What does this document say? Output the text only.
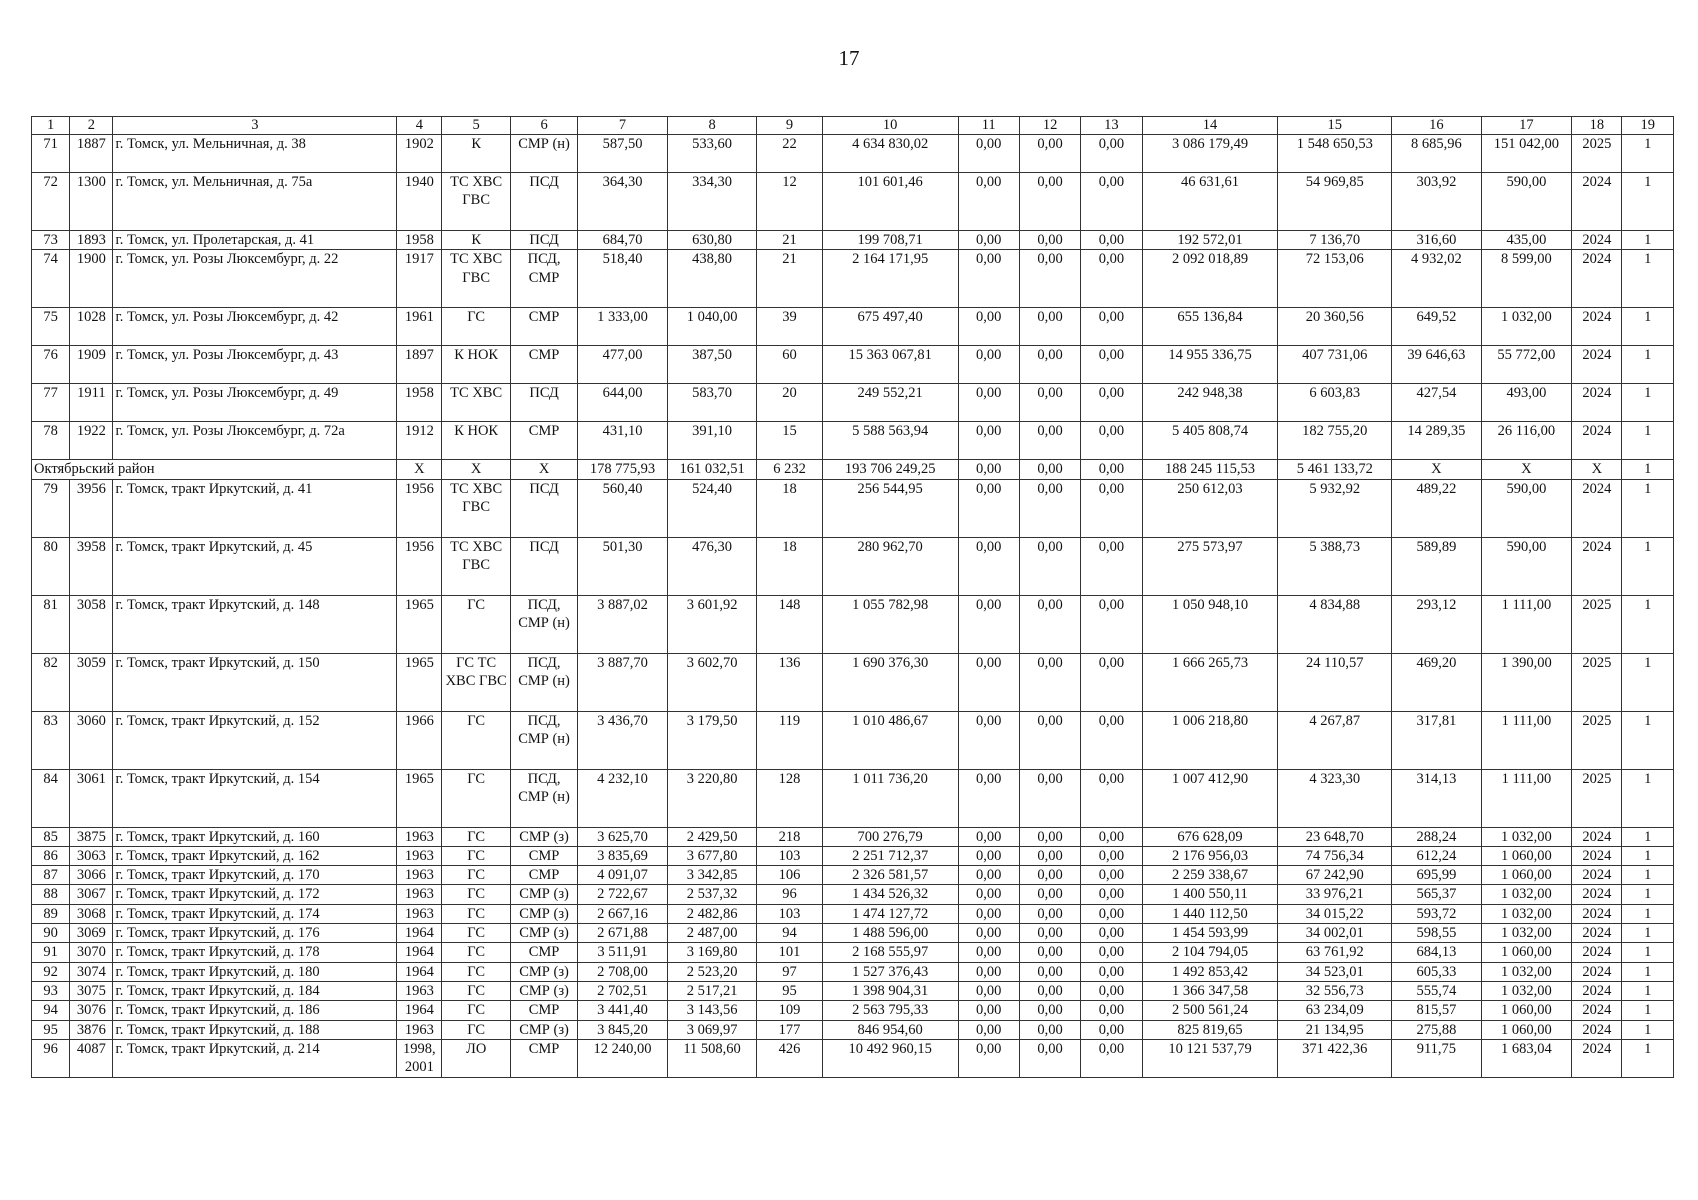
17
1	2	3	4	5	6	7	8	9	10	11	12	13	14	15	16	17	18	19
71	1887	г. Томск, ул. Мельничная, д. 38	1902	К	СМР (н)	587,50	533,60	22	4 634 830,02	0,00	0,00	0,00	3 086 179,49	1 548 650,53	8 685,96	151 042,00	2025	1
72	1300	г. Томск, ул. Мельничная, д. 75а	1940	ТС ХВС ГВС	ПСД	364,30	334,30	12	101 601,46	0,00	0,00	0,00	46 631,61	54 969,85	303,92	590,00	2024	1
73	1893	г. Томск, ул. Пролетарская, д. 41	1958	К	ПСД	684,70	630,80	21	199 708,71	0,00	0,00	0,00	192 572,01	7 136,70	316,60	435,00	2024	1
74	1900	г. Томск, ул. Розы Люксембург, д. 22	1917	ТС ХВС ГВС	ПСД, СМР	518,40	438,80	21	2 164 171,95	0,00	0,00	0,00	2 092 018,89	72 153,06	4 932,02	8 599,00	2024	1
75	1028	г. Томск, ул. Розы Люксембург, д. 42	1961	ГС	СМР	1 333,00	1 040,00	39	675 497,40	0,00	0,00	0,00	655 136,84	20 360,56	649,52	1 032,00	2024	1
76	1909	г. Томск, ул. Розы Люксембург, д. 43	1897	К НОК	СМР	477,00	387,50	60	15 363 067,81	0,00	0,00	0,00	14 955 336,75	407 731,06	39 646,63	55 772,00	2024	1
77	1911	г. Томск, ул. Розы Люксембург, д. 49	1958	ТС ХВС	ПСД	644,00	583,70	20	249 552,21	0,00	0,00	0,00	242 948,38	6 603,83	427,54	493,00	2024	1
78	1922	г. Томск, ул. Розы Люксембург, д. 72а	1912	К НОК	СМР	431,10	391,10	15	5 588 563,94	0,00	0,00	0,00	5 405 808,74	182 755,20	14 289,35	26 116,00	2024	1
Октябрьский район			X	X	X	178 775,93	161 032,51	6 232	193 706 249,25	0,00	0,00	0,00	188 245 115,53	5 461 133,72	X	X	X	1
79	3956	г. Томск, тракт Иркутский, д. 41	1956	ТС ХВС ГВС	ПСД	560,40	524,40	18	256 544,95	0,00	0,00	0,00	250 612,03	5 932,92	489,22	590,00	2024	1
80	3958	г. Томск, тракт Иркутский, д. 45	1956	ТС ХВС ГВС	ПСД	501,30	476,30	18	280 962,70	0,00	0,00	0,00	275 573,97	5 388,73	589,89	590,00	2024	1
81	3058	г. Томск, тракт Иркутский, д. 148	1965	ГС	ПСД, СМР (н)	3 887,02	3 601,92	148	1 055 782,98	0,00	0,00	0,00	1 050 948,10	4 834,88	293,12	1 111,00	2025	1
82	3059	г. Томск, тракт Иркутский, д. 150	1965	ГС ТС ХВС ГВС	ПСД, СМР (н)	3 887,70	3 602,70	136	1 690 376,30	0,00	0,00	0,00	1 666 265,73	24 110,57	469,20	1 390,00	2025	1
83	3060	г. Томск, тракт Иркутский, д. 152	1966	ГС	ПСД, СМР (н)	3 436,70	3 179,50	119	1 010 486,67	0,00	0,00	0,00	1 006 218,80	4 267,87	317,81	1 111,00	2025	1
84	3061	г. Томск, тракт Иркутский, д. 154	1965	ГС	ПСД, СМР (н)	4 232,10	3 220,80	128	1 011 736,20	0,00	0,00	0,00	1 007 412,90	4 323,30	314,13	1 111,00	2025	1
85	3875	г. Томск, тракт Иркутский, д. 160	1963	ГС	СМР (з)	3 625,70	2 429,50	218	700 276,79	0,00	0,00	0,00	676 628,09	23 648,70	288,24	1 032,00	2024	1
86	3063	г. Томск, тракт Иркутский, д. 162	1963	ГС	СМР	3 835,69	3 677,80	103	2 251 712,37	0,00	0,00	0,00	2 176 956,03	74 756,34	612,24	1 060,00	2024	1
87	3066	г. Томск, тракт Иркутский, д. 170	1963	ГС	СМР	4 091,07	3 342,85	106	2 326 581,57	0,00	0,00	0,00	2 259 338,67	67 242,90	695,99	1 060,00	2024	1
88	3067	г. Томск, тракт Иркутский, д. 172	1963	ГС	СМР (з)	2 722,67	2 537,32	96	1 434 526,32	0,00	0,00	0,00	1 400 550,11	33 976,21	565,37	1 032,00	2024	1
89	3068	г. Томск, тракт Иркутский, д. 174	1963	ГС	СМР (з)	2 667,16	2 482,86	103	1 474 127,72	0,00	0,00	0,00	1 440 112,50	34 015,22	593,72	1 032,00	2024	1
90	3069	г. Томск, тракт Иркутский, д. 176	1964	ГС	СМР (з)	2 671,88	2 487,00	94	1 488 596,00	0,00	0,00	0,00	1 454 593,99	34 002,01	598,55	1 032,00	2024	1
91	3070	г. Томск, тракт Иркутский, д. 178	1964	ГС	СМР	3 511,91	3 169,80	101	2 168 555,97	0,00	0,00	0,00	2 104 794,05	63 761,92	684,13	1 060,00	2024	1
92	3074	г. Томск, тракт Иркутский, д. 180	1964	ГС	СМР (з)	2 708,00	2 523,20	97	1 527 376,43	0,00	0,00	0,00	1 492 853,42	34 523,01	605,33	1 032,00	2024	1
93	3075	г. Томск, тракт Иркутский, д. 184	1963	ГС	СМР (з)	2 702,51	2 517,21	95	1 398 904,31	0,00	0,00	0,00	1 366 347,58	32 556,73	555,74	1 032,00	2024	1
94	3076	г. Томск, тракт Иркутский, д. 186	1964	ГС	СМР	3 441,40	3 143,56	109	2 563 795,33	0,00	0,00	0,00	2 500 561,24	63 234,09	815,57	1 060,00	2024	1
95	3876	г. Томск, тракт Иркутский, д. 188	1963	ГС	СМР (з)	3 845,20	3 069,97	177	846 954,60	0,00	0,00	0,00	825 819,65	21 134,95	275,88	1 060,00	2024	1
96	4087	г. Томск, тракт Иркутский, д. 214	1998, 2001	ЛО	СМР	12 240,00	11 508,60	426	10 492 960,15	0,00	0,00	0,00	10 121 537,79	371 422,36	911,75	1 683,04	2024	1
